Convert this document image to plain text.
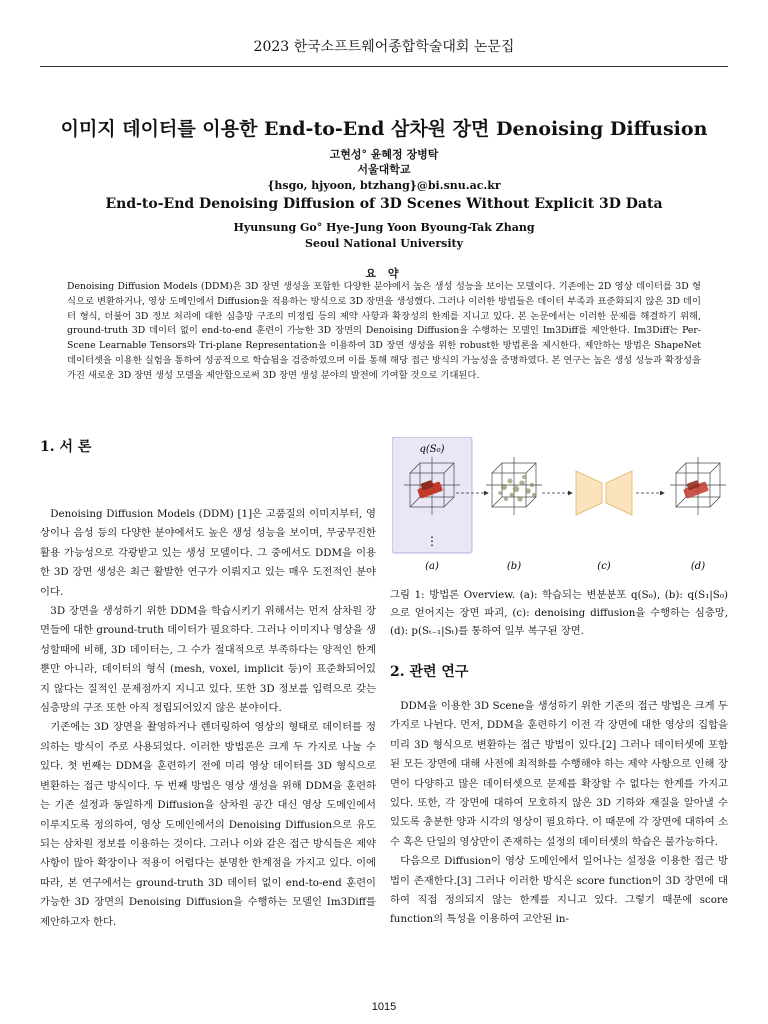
2023 한국소프트웨어종합학술대회 논문집
이미지 데이터를 이용한 End-to-End 삼차원 장면 Denoising Diffusion
고현성° 윤혜정 장병탁
서울대학교
{hsgo, hjyoon, btzhang}@bi.snu.ac.kr
End-to-End Denoising Diffusion of 3D Scenes Without Explicit 3D Data
Hyunsung Go° Hye-Jung Yoon Byoung-Tak Zhang
Seoul National University
요 약
Denoising Diffusion Models (DDM)은 3D 장면 생성을 포함한 다양한 분야에서 높은 생성 성능을 보이는 모델이다. 기존에는 2D 영상 데이터를 3D 형식으로 변환하거나, 영상 도메인에서 Diffusion을 적용하는 방식으로 3D 장면을 생성했다. 그러나 이러한 방법들은 데이터 부족과 표준화되지 않은 3D 데이터 형식, 더불어 3D 정보 처리에 대한 심층망 구조의 미정립 등의 제약 사항과 확장성의 한계를 지니고 있다. 본 논문에서는 이러한 문제를 해결하기 위해, ground-truth 3D 데이터 없이 end-to-end 훈련이 가능한 3D 장면의 Denoising Diffusion을 수행하는 모델인 Im3Diff를 제안한다. Im3Diff는 Per-Scene Learnable Tensors와 Tri-plane Representation을 이용하여 3D 장면 생성을 위한 robust한 방법론을 제시한다. 제안하는 방법은 ShapeNet 데이터셋을 이용한 실험을 통하여 성공적으로 학습됨을 검증하였으며 이를 통해 해당 접근 방식의 가능성을 증명하였다. 본 연구는 높은 생성 성능과 확장성을 가진 새로운 3D 장면 생성 모델을 제안함으로써 3D 장면 생성 분야의 발전에 기여할 것으로 기대된다.
1. 서 론

Denoising Diffusion Models (DDM) [1]은 고품질의 이미지부터, 영상이나 음성 등의 다양한 분야에서도 높은 생성 성능을 보이며, 무궁무진한 활용 가능성으로 각광받고 있는 생성 모델이다. 그 중에서도 DDM을 이용한 3D 장면 생성은 최근 활발한 연구가 이뤄지고 있는 매우 도전적인 분야이다.

3D 장면을 생성하기 위한 DDM을 학습시키기 위해서는 먼저 삼차원 장면들에 대한 ground-truth 데이터가 필요하다. 그러나 이미지나 영상을 생성할때에 비해, 3D 데이터는, 그 수가 절대적으로 부족하다는 양적인 한계뿐만 아니라, 데이터의 형식 (mesh, voxel, implicit 등)이 표준화되어있지 않다는 질적인 문제점까지 지니고 있다. 또한 3D 정보를 입력으로 갖는 심층망의 구조 또한 아직 정립되어있지 않은 분야이다.

기존에는 3D 장면을 촬영하거나 렌더링하여 영상의 형태로 데이터를 정의하는 방식이 주로 사용되었다. 이러한 방법론은 크게 두 가지로 나눌 수 있다. 첫 번째는 DDM을 훈련하기 전에 미리 영상 데이터를 3D 형식으로 변환하는 접근 방식이다. 두 번째 방법은 영상 생성을 위해 DDM을 훈련하는 기존 설정과 동일하게 Diffusion을 삼차원 공간 대신 영상 도메인에서 이루지도록 정의하여, 영상 도메인에서의 Denoising Diffusion으로 유도되는 삼차원 정보를 이용하는 것이다. 그러나 이와 같은 접근 방식들은 제약 사항이 많아 확장이나 적용이 어렵다는 분명한 한계점을 가지고 있다. 이에 따라, 본 연구에서는 ground-truth 3D 데이터 없이 end-to-end 훈련이 가능한 3D 장면의 Denoising Diffusion을 수행하는 모델인 Im3Diff를 제안하고자 한다.

q(S₀)
⋮
(a)	(b)	(c)	(d)
그림 1: 방법론 Overview. (a): 학습되는 변분분포 q(S₀), (b): q(S₁|S₀) 으로 얻어지는 장면 파괴, (c): denoising diffusion을 수행하는 심층망, (d): p(Sₜ₋₁|Sₜ)를 통하여 일부 복구된 장면.
2. 관련 연구

DDM을 이용한 3D Scene을 생성하기 위한 기존의 접근 방법은 크게 두 가지로 나뉜다. 먼저, DDM을 훈련하기 이전 각 장면에 대한 영상의 집합을 미리 3D 형식으로 변환하는 접근 방법이 있다.[2] 그러나 데이터셋에 포함된 모든 장면에 대해 사전에 최적화를 수행해야 하는 제약 사항으로 인해 장면이 다양하고 많은 데이터셋으로 문제를 확장할 수 없다는 한계를 가지고 있다. 또한, 각 장면에 대하여 모호하지 않은 3D 기하와 재질을 알아낼 수 있도록 충분한 양과 시각의 영상이 필요하다. 이 때문에 각 장면에 대하여 소수 혹은 단일의 영상만이 존재하는 설정의 데이터셋의 학습은 불가능하다.

다음으로 Diffusion이 영상 도메인에서 일어나는 설정을 이용한 접근 방법이 존재한다.[3] 그러나 이러한 방식은 score function이 3D 장면에 대하여 직접 정의되지 않는 한계를 지니고 있다. 그렇기 때문에 score function의 특성을 이용하여 고안된 in-

1015
